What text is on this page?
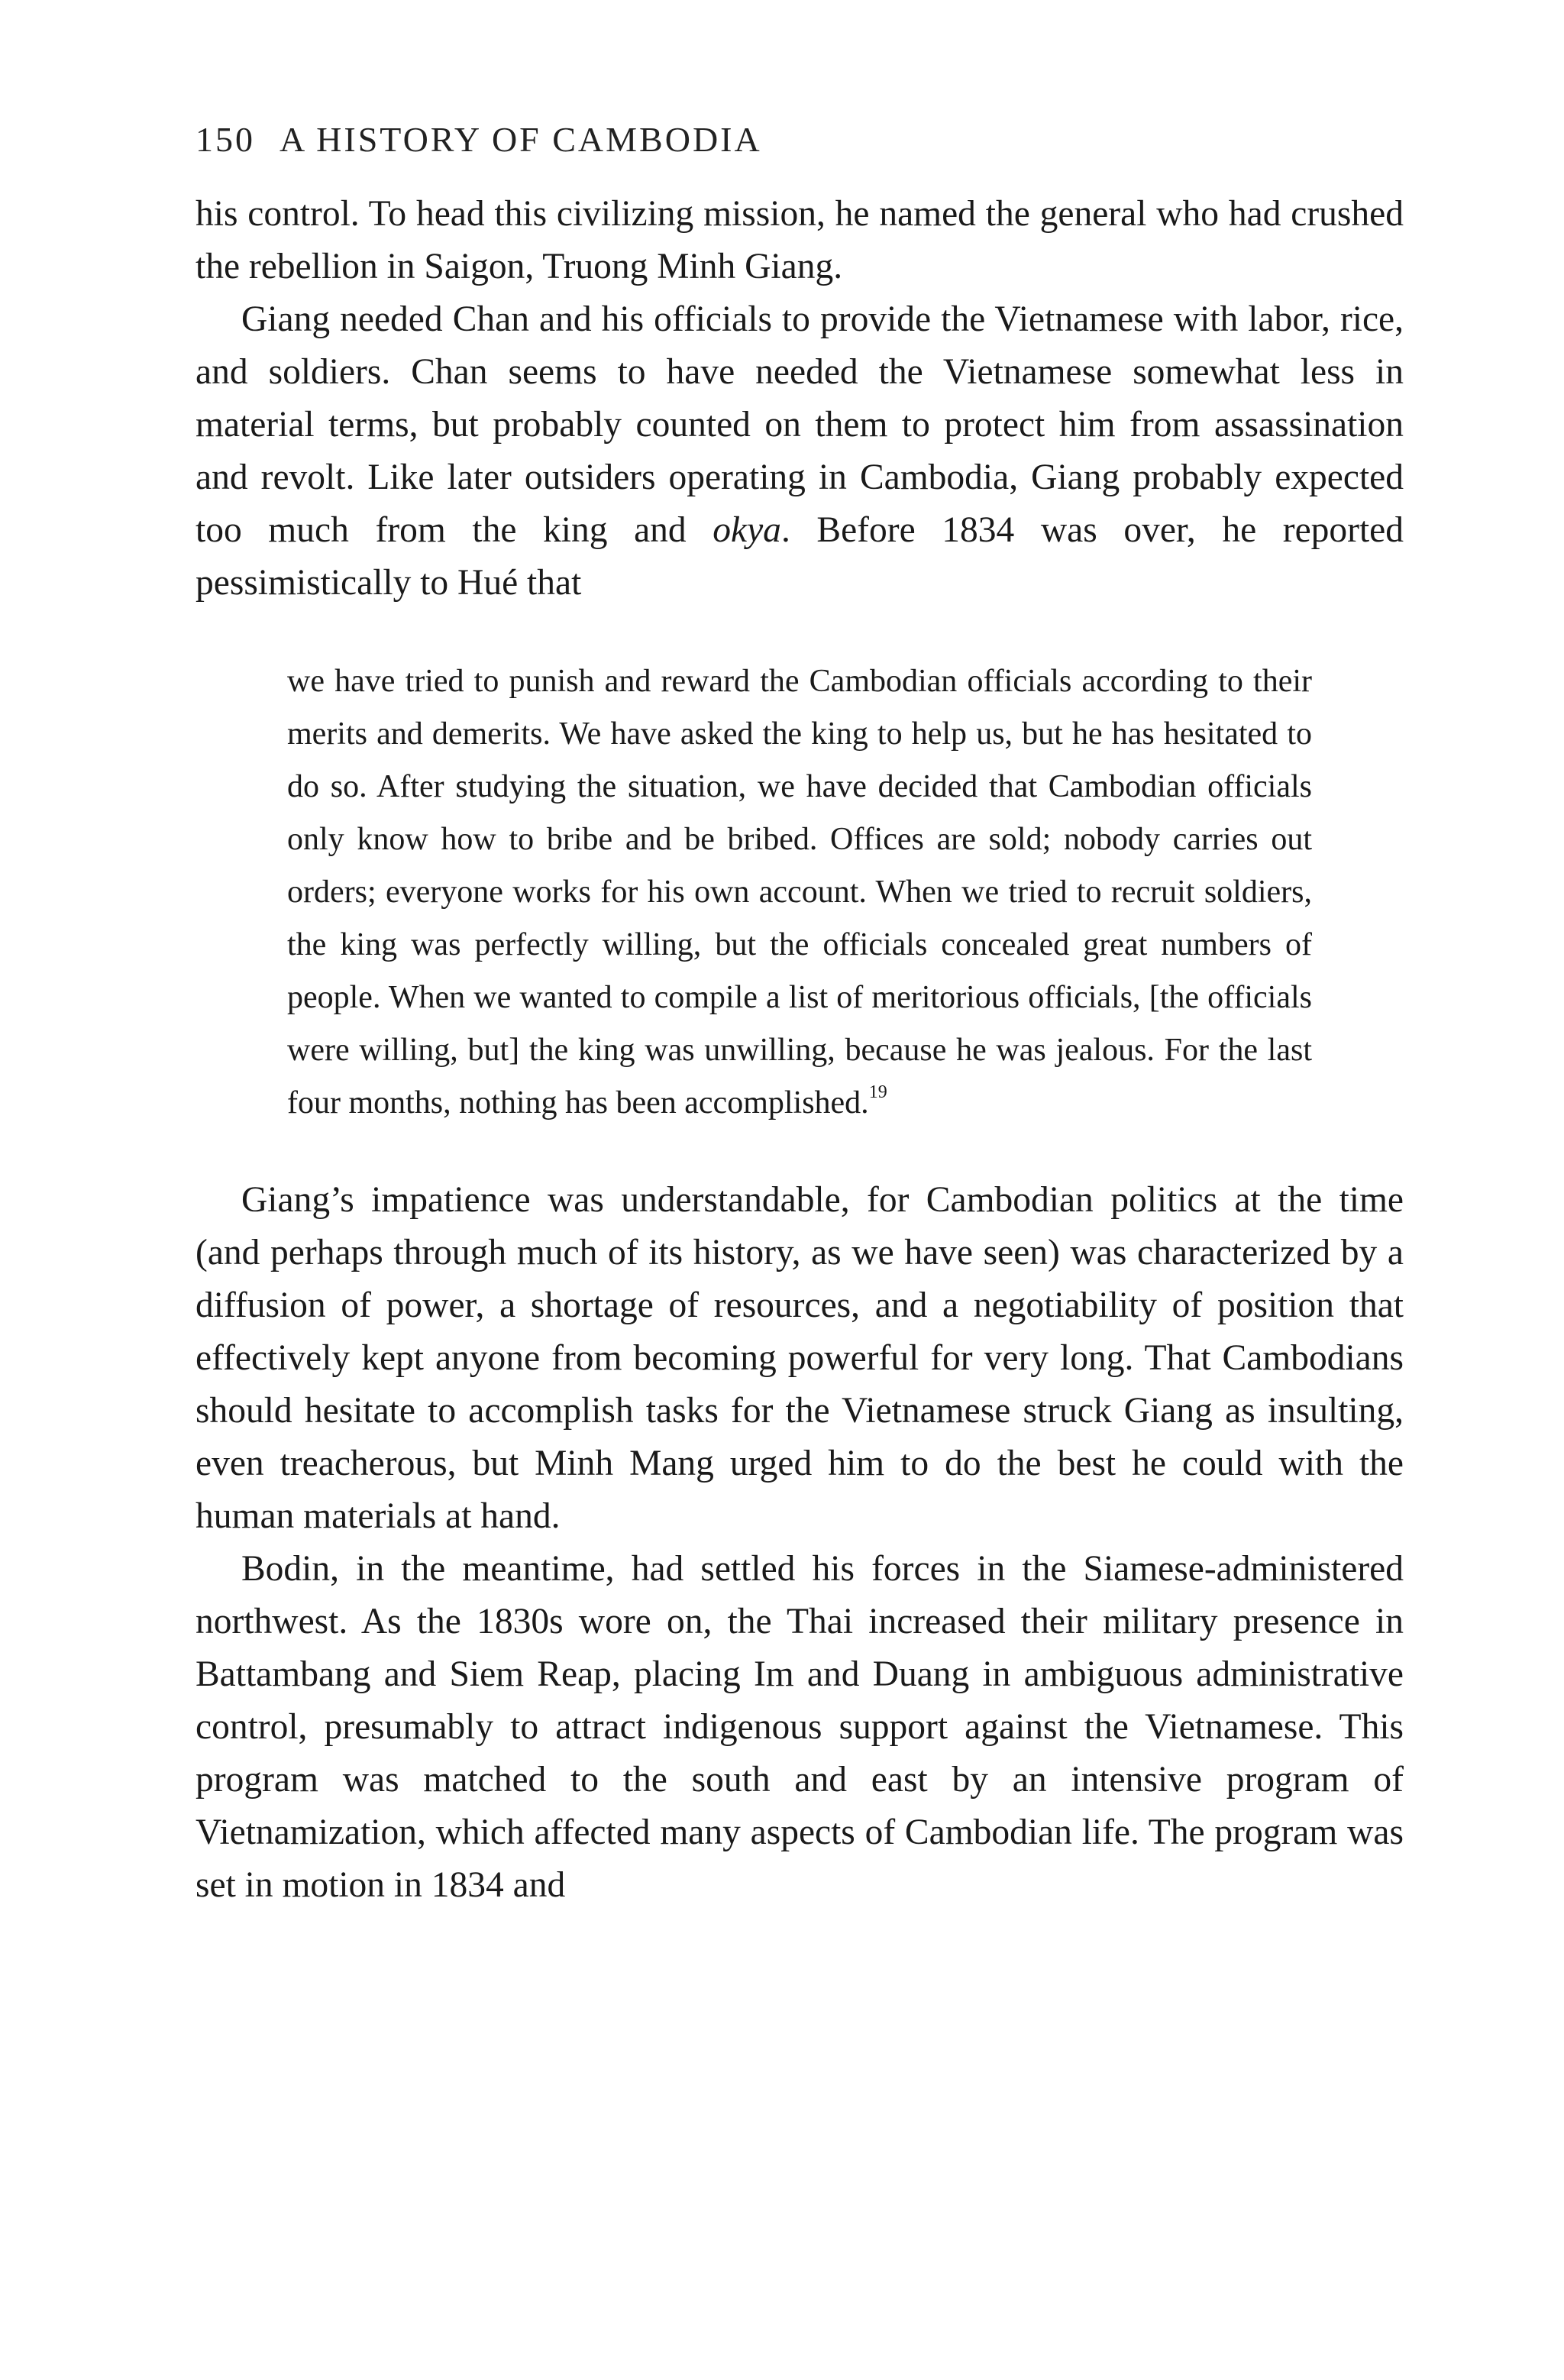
150 A HISTORY OF CAMBODIA

his control. To head this civilizing mission, he named the general who had crushed the rebellion in Saigon, Truong Minh Giang.

Giang needed Chan and his officials to provide the Vietnamese with labor, rice, and soldiers. Chan seems to have needed the Vietnamese somewhat less in material terms, but probably counted on them to protect him from assassination and revolt. Like later outsiders operating in Cambodia, Giang probably expected too much from the king and okya. Before 1834 was over, he reported pessimistically to Hué that

we have tried to punish and reward the Cambodian officials according to their merits and demerits. We have asked the king to help us, but he has hesitated to do so. After studying the situation, we have decided that Cambodian officials only know how to bribe and be bribed. Offices are sold; nobody carries out orders; everyone works for his own account. When we tried to recruit soldiers, the king was perfectly willing, but the officials concealed great numbers of people. When we wanted to compile a list of meritorious officials, [the officials were willing, but] the king was unwilling, because he was jealous. For the last four months, nothing has been accomplished.$^{19}$

Giang’s impatience was understandable, for Cambodian politics at the time (and perhaps through much of its history, as we have seen) was characterized by a diffusion of power, a shortage of resources, and a negotiability of position that effectively kept anyone from becoming powerful for very long. That Cambodians should hesitate to accomplish tasks for the Vietnamese struck Giang as insulting, even treacherous, but Minh Mang urged him to do the best he could with the human materials at hand.

Bodin, in the meantime, had settled his forces in the Siamese-administered northwest. As the 1830s wore on, the Thai increased their military presence in Battambang and Siem Reap, placing Im and Duang in ambiguous administrative control, presumably to attract indigenous support against the Vietnamese. This program was matched to the south and east by an intensive program of Vietnamization, which affected many aspects of Cambodian life. The program was set in motion in 1834 and
